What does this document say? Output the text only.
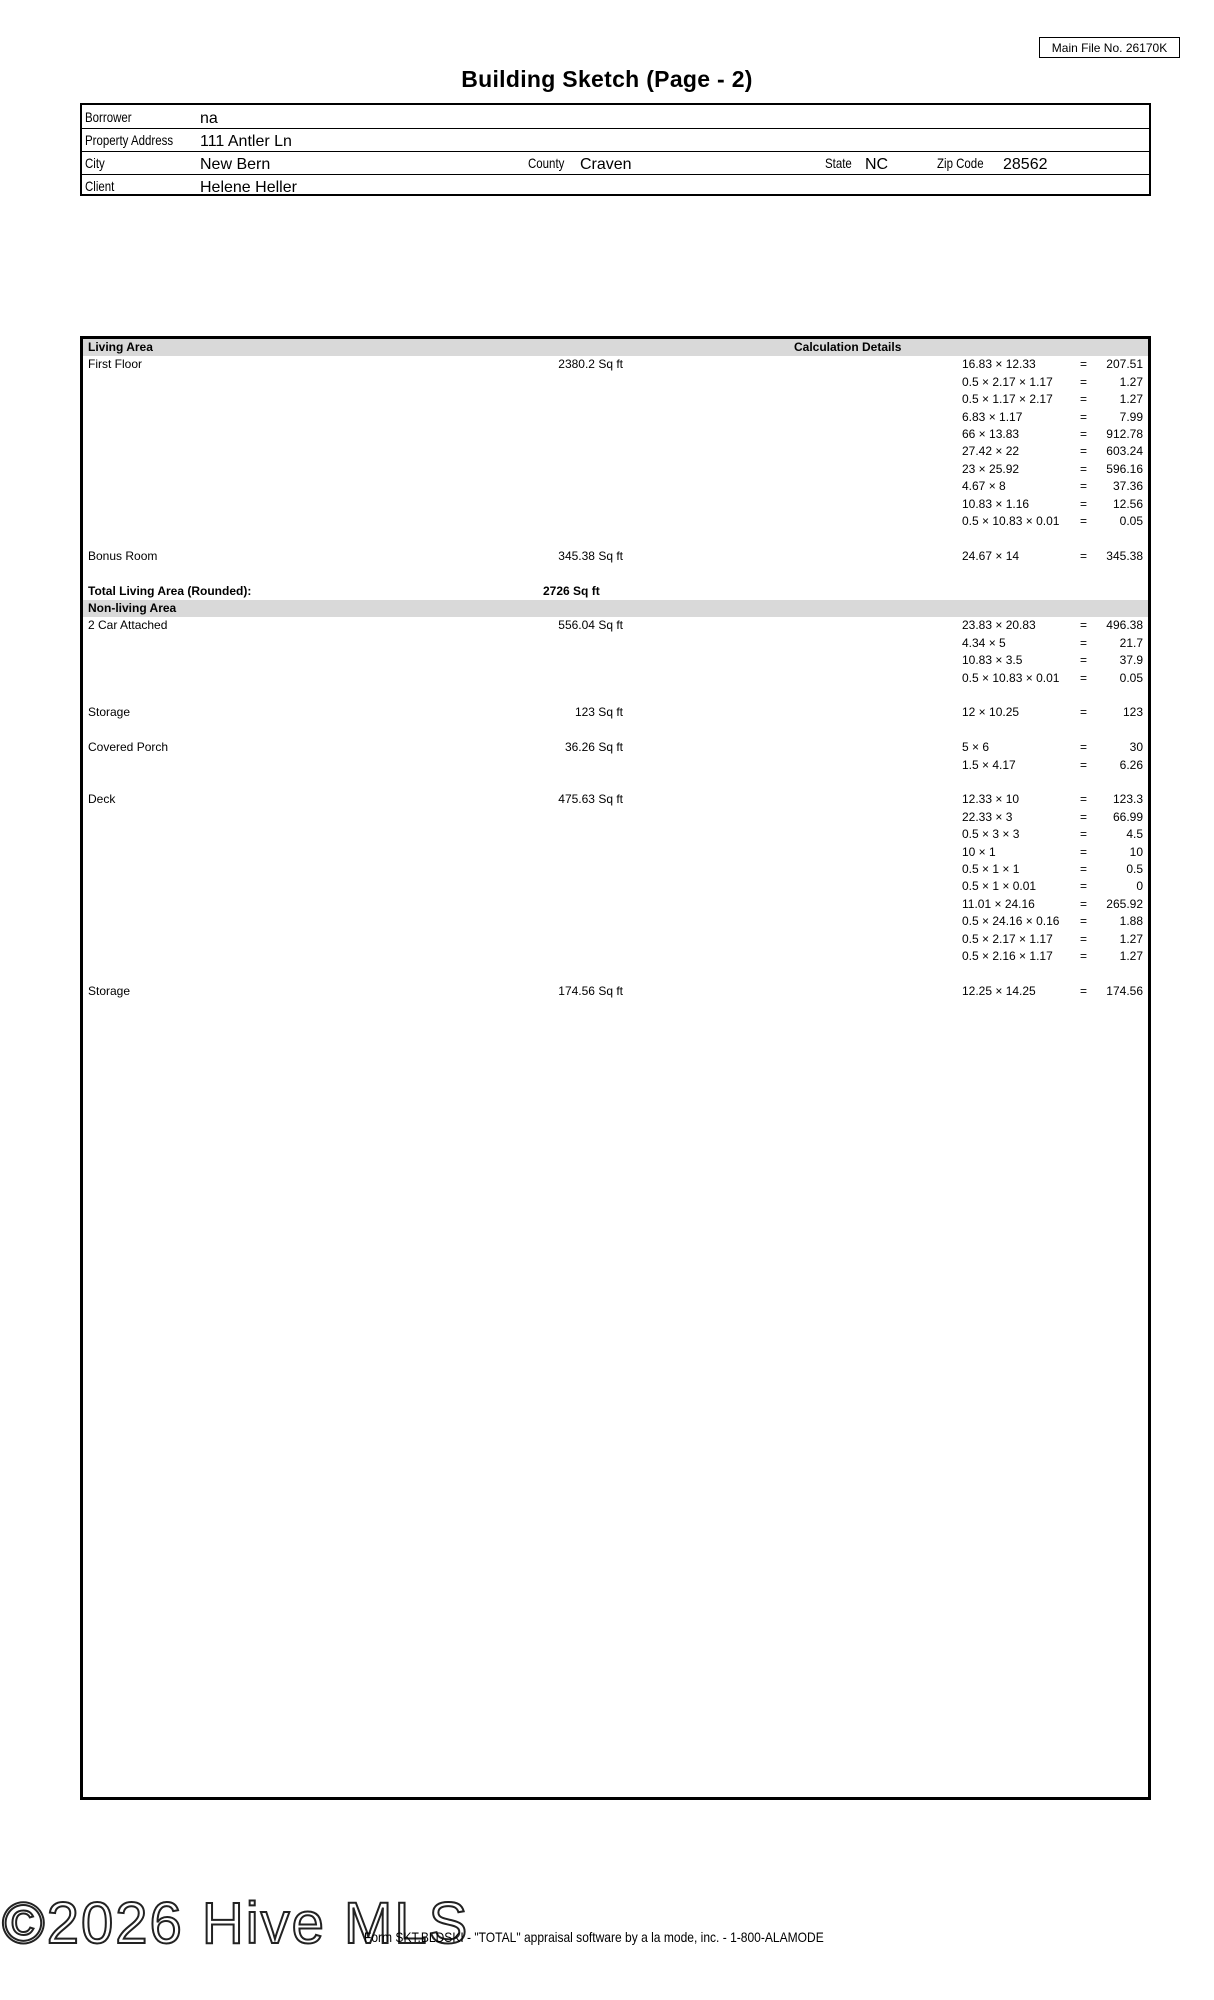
Main File No. 26170K
Building Sketch (Page - 2)
Borrower	na
Property Address 111 Antler Ln
City	New Bern	County Craven	State NC	Zip Code 28562
Client	Helene Heller
Living Area	Calculation Details
First Floor	2380.2 Sq ft	16.83 × 12.33	=	207.51
0.5 × 2.17 × 1.17 =	1.27
0.5 × 1.17 × 2.17 =	1.27
6.83 × 1.17	=	7.99
66 × 13.83	=	912.78
27.42 × 22	=	603.24
23 × 25.92	=	596.16
4.67 × 8	=	37.36
10.83 × 1.16	=	12.56
0.5 × 10.83 × 0.01 =	0.05
Bonus Room	345.38 Sq ft	24.67 × 14	=	345.38
Total Living Area (Rounded):	2726 Sq ft
Non-living Area
2 Car Attached	556.04 Sq ft	23.83 × 20.83	=	496.38
4.34 × 5	=	21.7
10.83 × 3.5	=	37.9
0.5 × 10.83 × 0.01 =	0.05
Storage	123 Sq ft	12 × 10.25	=	123
Covered Porch	36.26 Sq ft	5 × 6	=	30
1.5 × 4.17	=	6.26
Deck	475.63 Sq ft	12.33 × 10	=	123.3
22.33 × 3	=	66.99
0.5 × 3 × 3	=	4.5
10 × 1	=	10
0.5 × 1 × 1	=	0.5
0.5 × 1 × 0.01	=	0
11.01 × 24.16	=	265.92
0.5 × 24.16 × 0.16 =	1.88
0.5 × 2.17 × 1.17 =	1.27
0.5 × 2.16 × 1.17 =	1.27
Storage	174.56 Sq ft	12.25 × 14.25	=	174.56
©2026 Hive MLS
Form SKT.BLDSKI - "TOTAL" appraisal software by a la mode, inc. - 1-800-ALAMODE
